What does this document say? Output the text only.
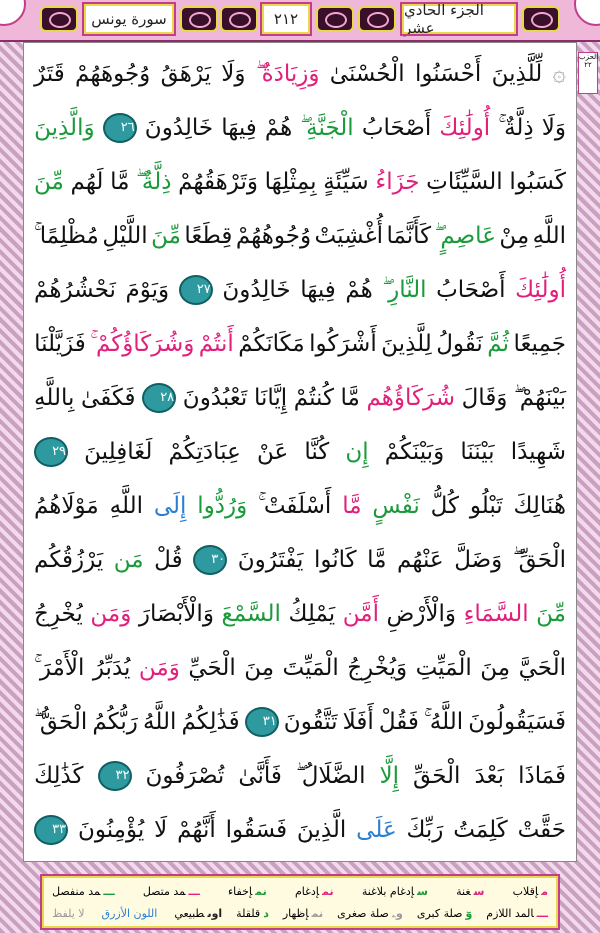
سورة يونس	٢١٢	الجزء الحادي عشر
الحزب ٢٢
۞
لِّلَّذِينَ
أَحْسَنُوا
الْحُسْنَىٰ
وَزِيَادَةٌ ۖ
وَلَا
يَرْهَقُ
وُجُوهَهُمْ
قَتَرٌ
وَلَا
ذِلَّةٌ ۚ
أُولَٰئِكَ
أَصْحَابُ
الْجَنَّةِ ۖ
هُمْ
فِيهَا
خَالِدُونَ
٢٦
وَالَّذِينَ
كَسَبُوا
السَّيِّئَاتِ
جَزَاءُ
سَيِّئَةٍ
بِمِثْلِهَا
وَتَرْهَقُهُمْ
ذِلَّةٌ ۖ
مَّا
لَهُم
مِّنَ
اللَّهِ
مِنْ
عَاصِمٍ ۖ
كَأَنَّمَا
أُغْشِيَتْ
وُجُوهُهُمْ
قِطَعًا
مِّنَ
اللَّيْلِ
مُظْلِمًا ۚ
أُولَٰئِكَ
أَصْحَابُ
النَّارِ ۖ
هُمْ
فِيهَا
خَالِدُونَ
٢٧
وَيَوْمَ
نَحْشُرُهُمْ
جَمِيعًا
ثُمَّ
نَقُولُ
لِلَّذِينَ
أَشْرَكُوا
مَكَانَكُمْ
أَنتُمْ
وَشُرَكَاؤُكُمْ ۚ
فَزَيَّلْنَا
بَيْنَهُمْ ۖ
وَقَالَ
شُرَكَاؤُهُم
مَّا
كُنتُمْ
إِيَّانَا
تَعْبُدُونَ
٢٨
فَكَفَىٰ
بِاللَّهِ
شَهِيدًا
بَيْنَنَا
وَبَيْنَكُمْ
إِن
كُنَّا
عَنْ
عِبَادَتِكُمْ
لَغَافِلِينَ
٢٩
هُنَالِكَ
تَبْلُو
كُلُّ
نَفْسٍ
مَّا
أَسْلَفَتْ ۚ
وَرُدُّوا
إِلَى
اللَّهِ
مَوْلَاهُمُ
الْحَقِّ ۖ
وَضَلَّ
عَنْهُم
مَّا
كَانُوا
يَفْتَرُونَ
٣٠
قُلْ
مَن
يَرْزُقُكُم
مِّنَ
السَّمَاءِ
وَالْأَرْضِ
أَمَّن
يَمْلِكُ
السَّمْعَ
وَالْأَبْصَارَ
وَمَن
يُخْرِجُ
الْحَيَّ
مِنَ
الْمَيِّتِ
وَيُخْرِجُ
الْمَيِّتَ
مِنَ
الْحَيِّ
وَمَن
يُدَبِّرُ
الْأَمْرَ ۚ
فَسَيَقُولُونَ
اللَّهُ ۚ
فَقُلْ
أَفَلَا
تَتَّقُونَ
٣١
فَذَٰلِكُمُ
اللَّهُ
رَبُّكُمُ
الْحَقُّ ۖ
فَمَاذَا
بَعْدَ
الْحَقِّ
إِلَّا
الضَّلَالُ ۖ
فَأَنَّىٰ
تُصْرَفُونَ
٣٢
كَذَٰلِكَ
حَقَّتْ
كَلِمَتُ
رَبِّكَ
عَلَى
الَّذِينَ
فَسَقُوا
أَنَّهُمْ
لَا
يُؤْمِنُونَ
٣٣
مإقلاب
سغنة
سإدغام بلاغنة
نمإدغام
نمإخفاء
ـــمد متصل
ـــمد منفصل
ـــالمد اللازم
وٓصلة كبرى
وۦصلة صغرى
نمإظهار
دقلقلة
اوىطبيعي
اللون الأزرق
لا يلفظ
